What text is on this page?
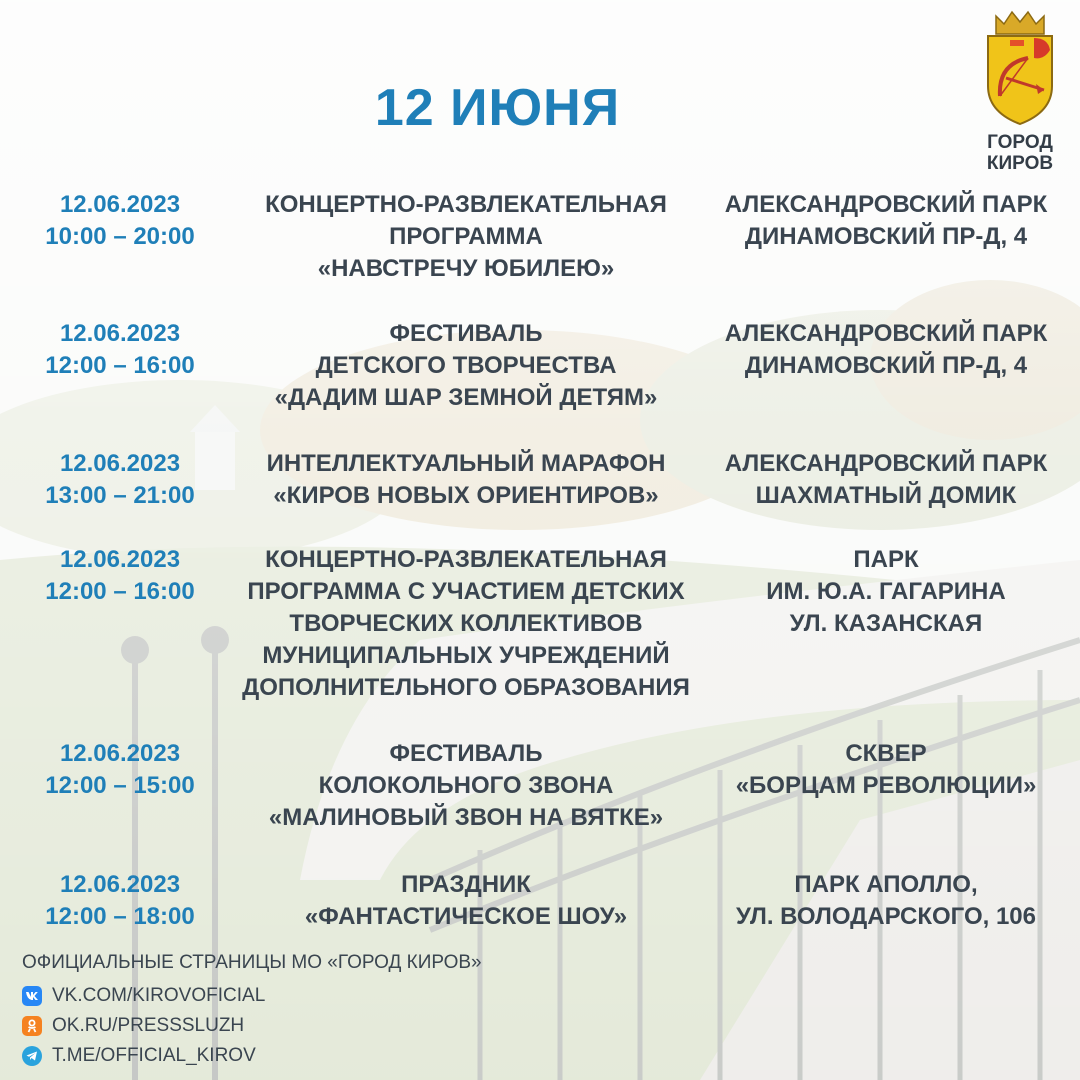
12 ИЮНЯ
ГОРОД
КИРОВ
12.06.2023
10:00 – 20:00
КОНЦЕРТНО-РАЗВЛЕКАТЕЛЬНАЯ
ПРОГРАММА
«НАВСТРЕЧУ ЮБИЛЕЮ»
АЛЕКСАНДРОВСКИЙ ПАРК
ДИНАМОВСКИЙ ПР-Д, 4
12.06.2023
12:00 – 16:00
ФЕСТИВАЛЬ
ДЕТСКОГО ТВОРЧЕСТВА
«ДАДИМ ШАР ЗЕМНОЙ ДЕТЯМ»
АЛЕКСАНДРОВСКИЙ ПАРК
ДИНАМОВСКИЙ ПР-Д, 4
12.06.2023
13:00 – 21:00
ИНТЕЛЛЕКТУАЛЬНЫЙ МАРАФОН
«КИРОВ НОВЫХ ОРИЕНТИРОВ»
АЛЕКСАНДРОВСКИЙ ПАРК
ШАХМАТНЫЙ ДОМИК
12.06.2023
12:00 – 16:00
КОНЦЕРТНО-РАЗВЛЕКАТЕЛЬНАЯ
ПРОГРАММА С УЧАСТИЕМ ДЕТСКИХ
ТВОРЧЕСКИХ КОЛЛЕКТИВОВ
МУНИЦИПАЛЬНЫХ УЧРЕЖДЕНИЙ
ДОПОЛНИТЕЛЬНОГО ОБРАЗОВАНИЯ
ПАРК
ИМ. Ю.А. ГАГАРИНА
УЛ. КАЗАНСКАЯ
12.06.2023
12:00 – 15:00
ФЕСТИВАЛЬ
КОЛОКОЛЬНОГО ЗВОНА
«МАЛИНОВЫЙ ЗВОН НА ВЯТКЕ»
СКВЕР
«БОРЦАМ РЕВОЛЮЦИИ»
12.06.2023
12:00 – 18:00
ПРАЗДНИК
«ФАНТАСТИЧЕСКОЕ ШОУ»
ПАРК АПОЛЛО,
УЛ. ВОЛОДАРСКОГО, 106
ОФИЦИАЛЬНЫЕ СТРАНИЦЫ МО «ГОРОД КИРОВ»
VK.COM/KIROVOFICIAL
OK.RU/PRESSSLUZH
T.ME/OFFICIAL_KIROV
